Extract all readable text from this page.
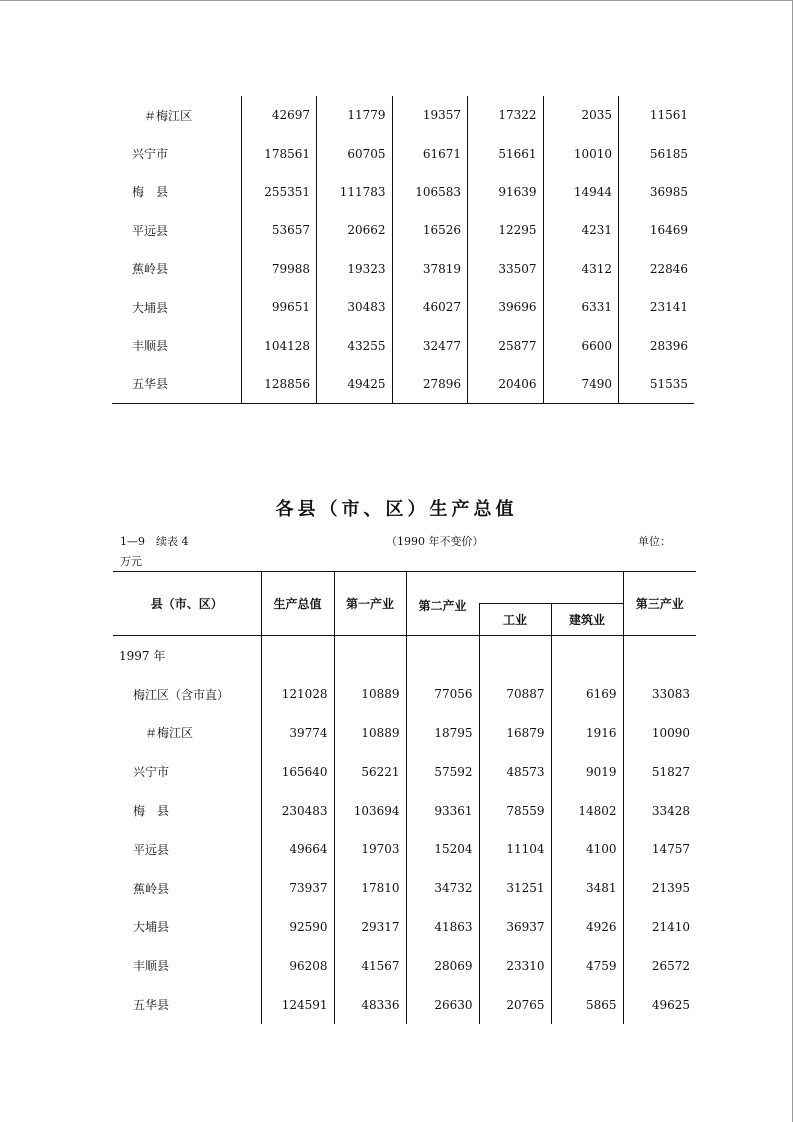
＃梅江区	42697	11779	19357	17322	2035	11561
兴宁市	178561	60705	61671	51661	10010	56185
梅　县	255351	111783	106583	91639	14944	36985
平远县	53657	20662	16526	12295	4231	16469
蕉岭县	79988	19323	37819	33507	4312	22846
大埔县	99651	30483	46027	39696	6331	23141
丰顺县	104128	43255	32477	25877	6600	28396
五华县	128856	49425	27896	20406	7490	51535
各县（市、区）生产总值
1—9　续表 4	（1990 年不变价）	单位：
万元
县（市、区）	生产总值	第一产业	第二产业			第三产业
				工业	建筑业	
1997 年						
梅江区（含市直）	121028	10889	77056	70887	6169	33083
＃梅江区	39774	10889	18795	16879	1916	10090
兴宁市	165640	56221	57592	48573	9019	51827
梅　县	230483	103694	93361	78559	14802	33428
平远县	49664	19703	15204	11104	4100	14757
蕉岭县	73937	17810	34732	31251	3481	21395
大埔县	92590	29317	41863	36937	4926	21410
丰顺县	96208	41567	28069	23310	4759	26572
五华县	124591	48336	26630	20765	5865	49625
